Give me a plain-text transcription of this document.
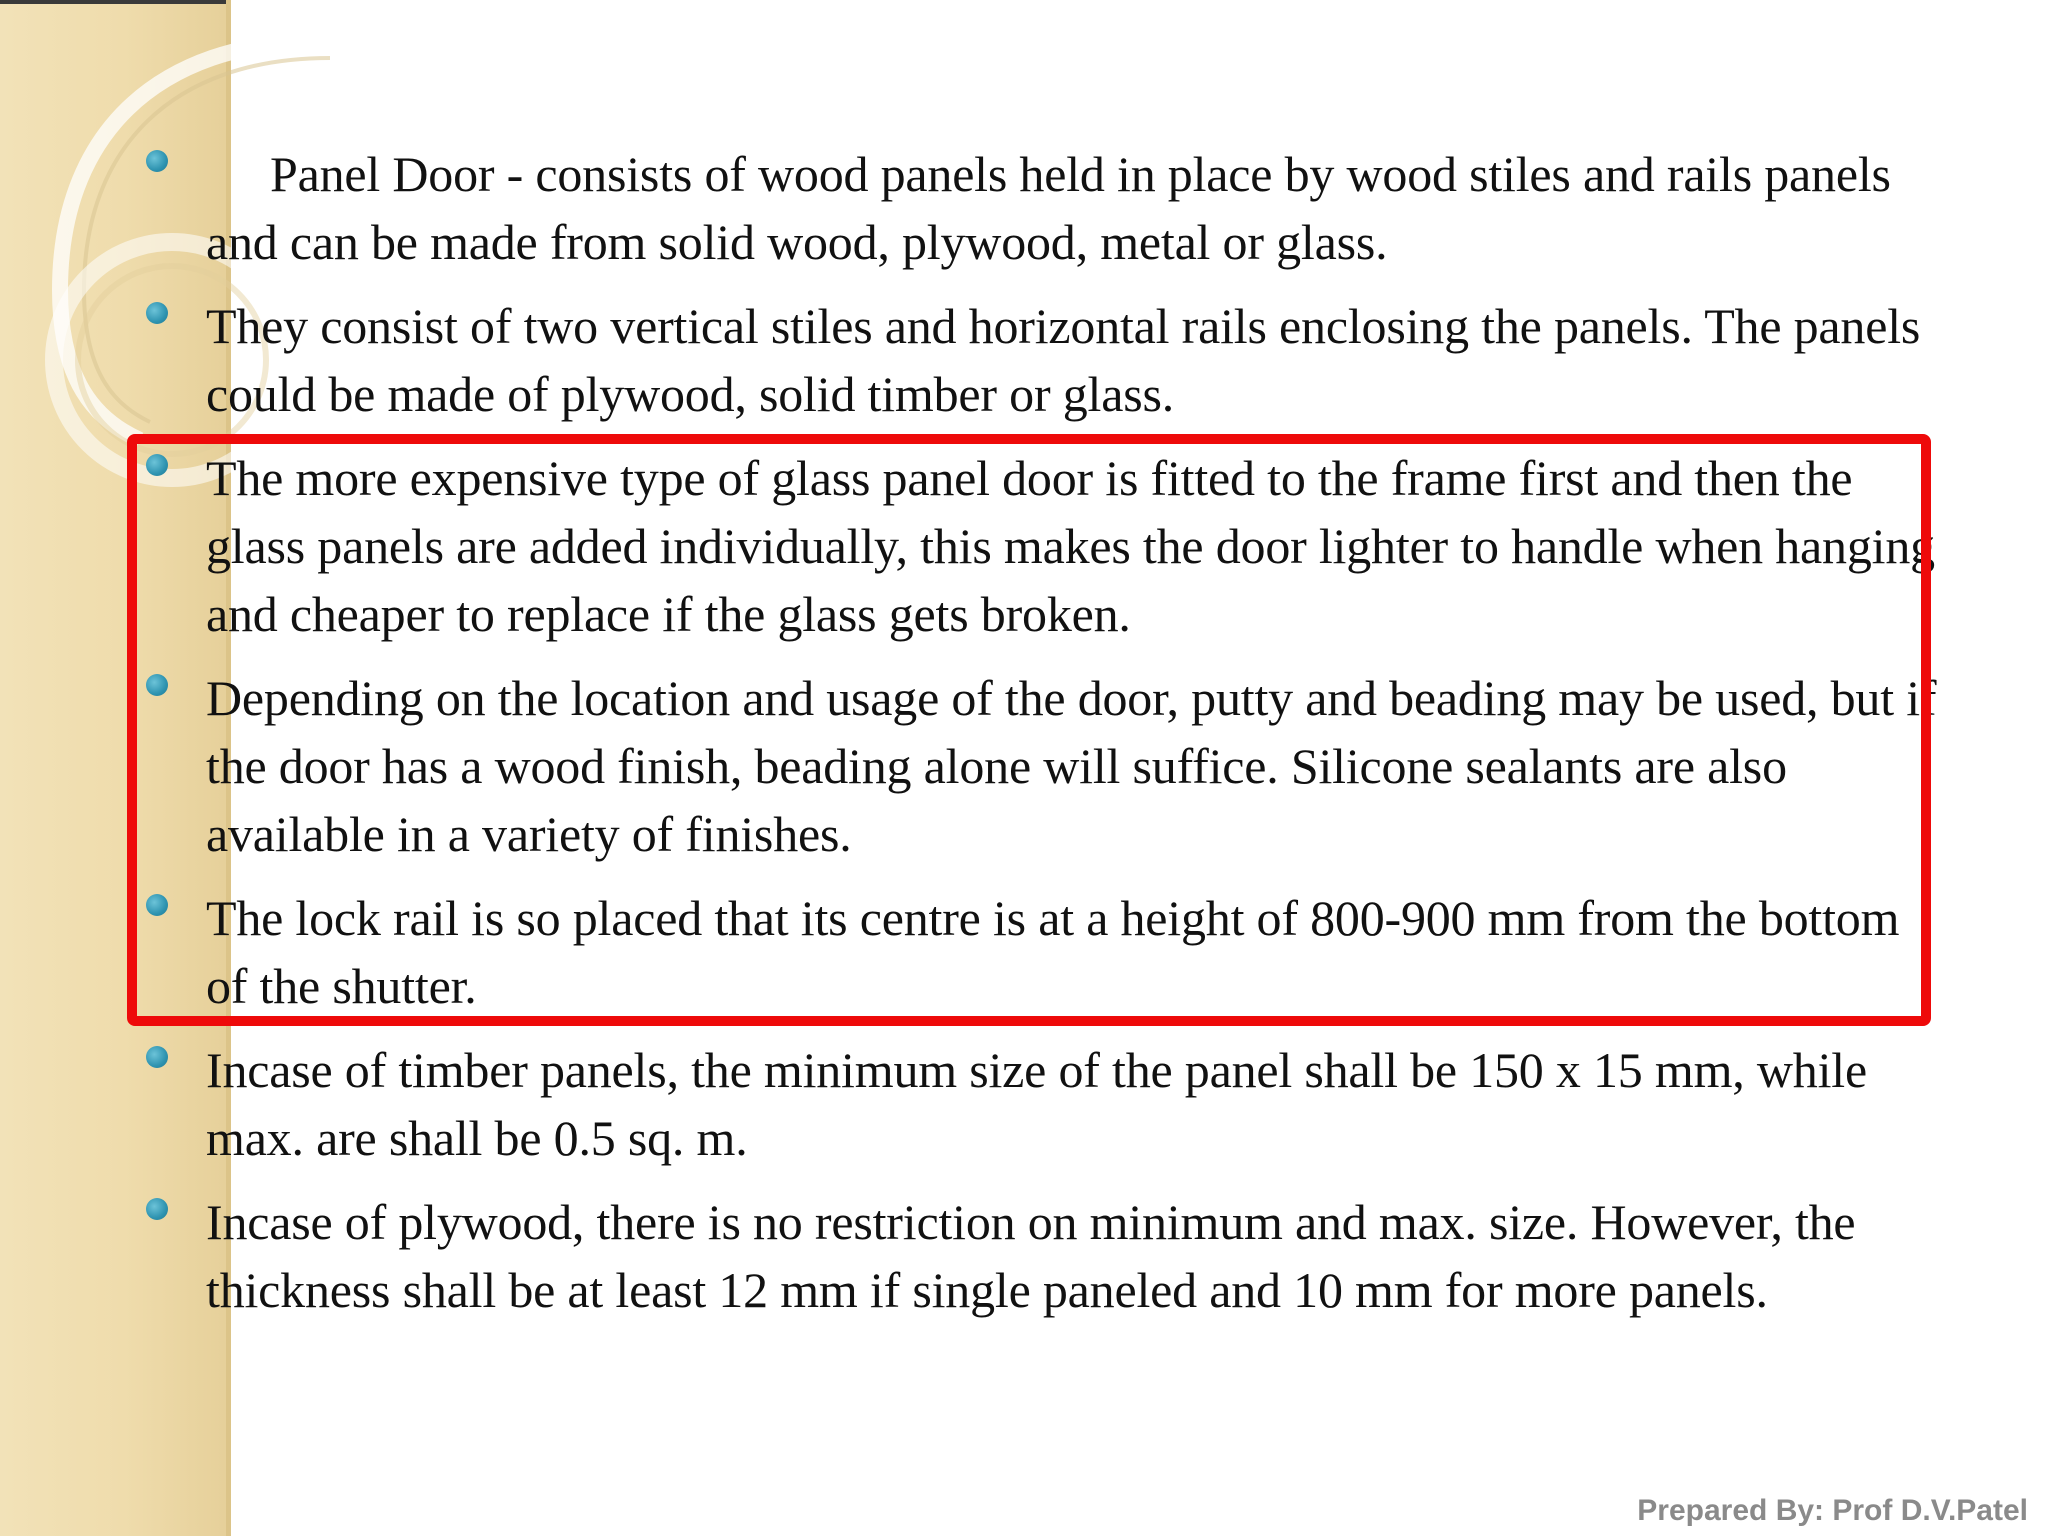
Panel Door - consists of wood panels held in place by wood stiles and rails panels and can be made from solid wood, plywood, metal or glass.
They consist of two vertical stiles and horizontal rails enclosing the panels. The panels could be made of plywood, solid timber or glass.
The more expensive type of glass panel door is fitted to the frame first and then the glass panels are added individually, this makes the door lighter to handle when hanging and cheaper to replace if the glass gets broken.
Depending on the location and usage of the door, putty and beading may be used, but if the door has a wood finish, beading alone will suffice. Silicone sealants are also available in a variety of finishes.
The lock rail is so placed that its centre is at a height of 800-900 mm from the bottom of the shutter.
Incase of timber panels, the minimum size of the panel shall be 150 x 15 mm, while max. are shall be 0.5 sq. m.
Incase of plywood, there is no restriction on minimum and max. size. However, the thickness shall be at least 12 mm if single paneled and 10 mm for more panels.
Prepared By: Prof D.V.Patel
